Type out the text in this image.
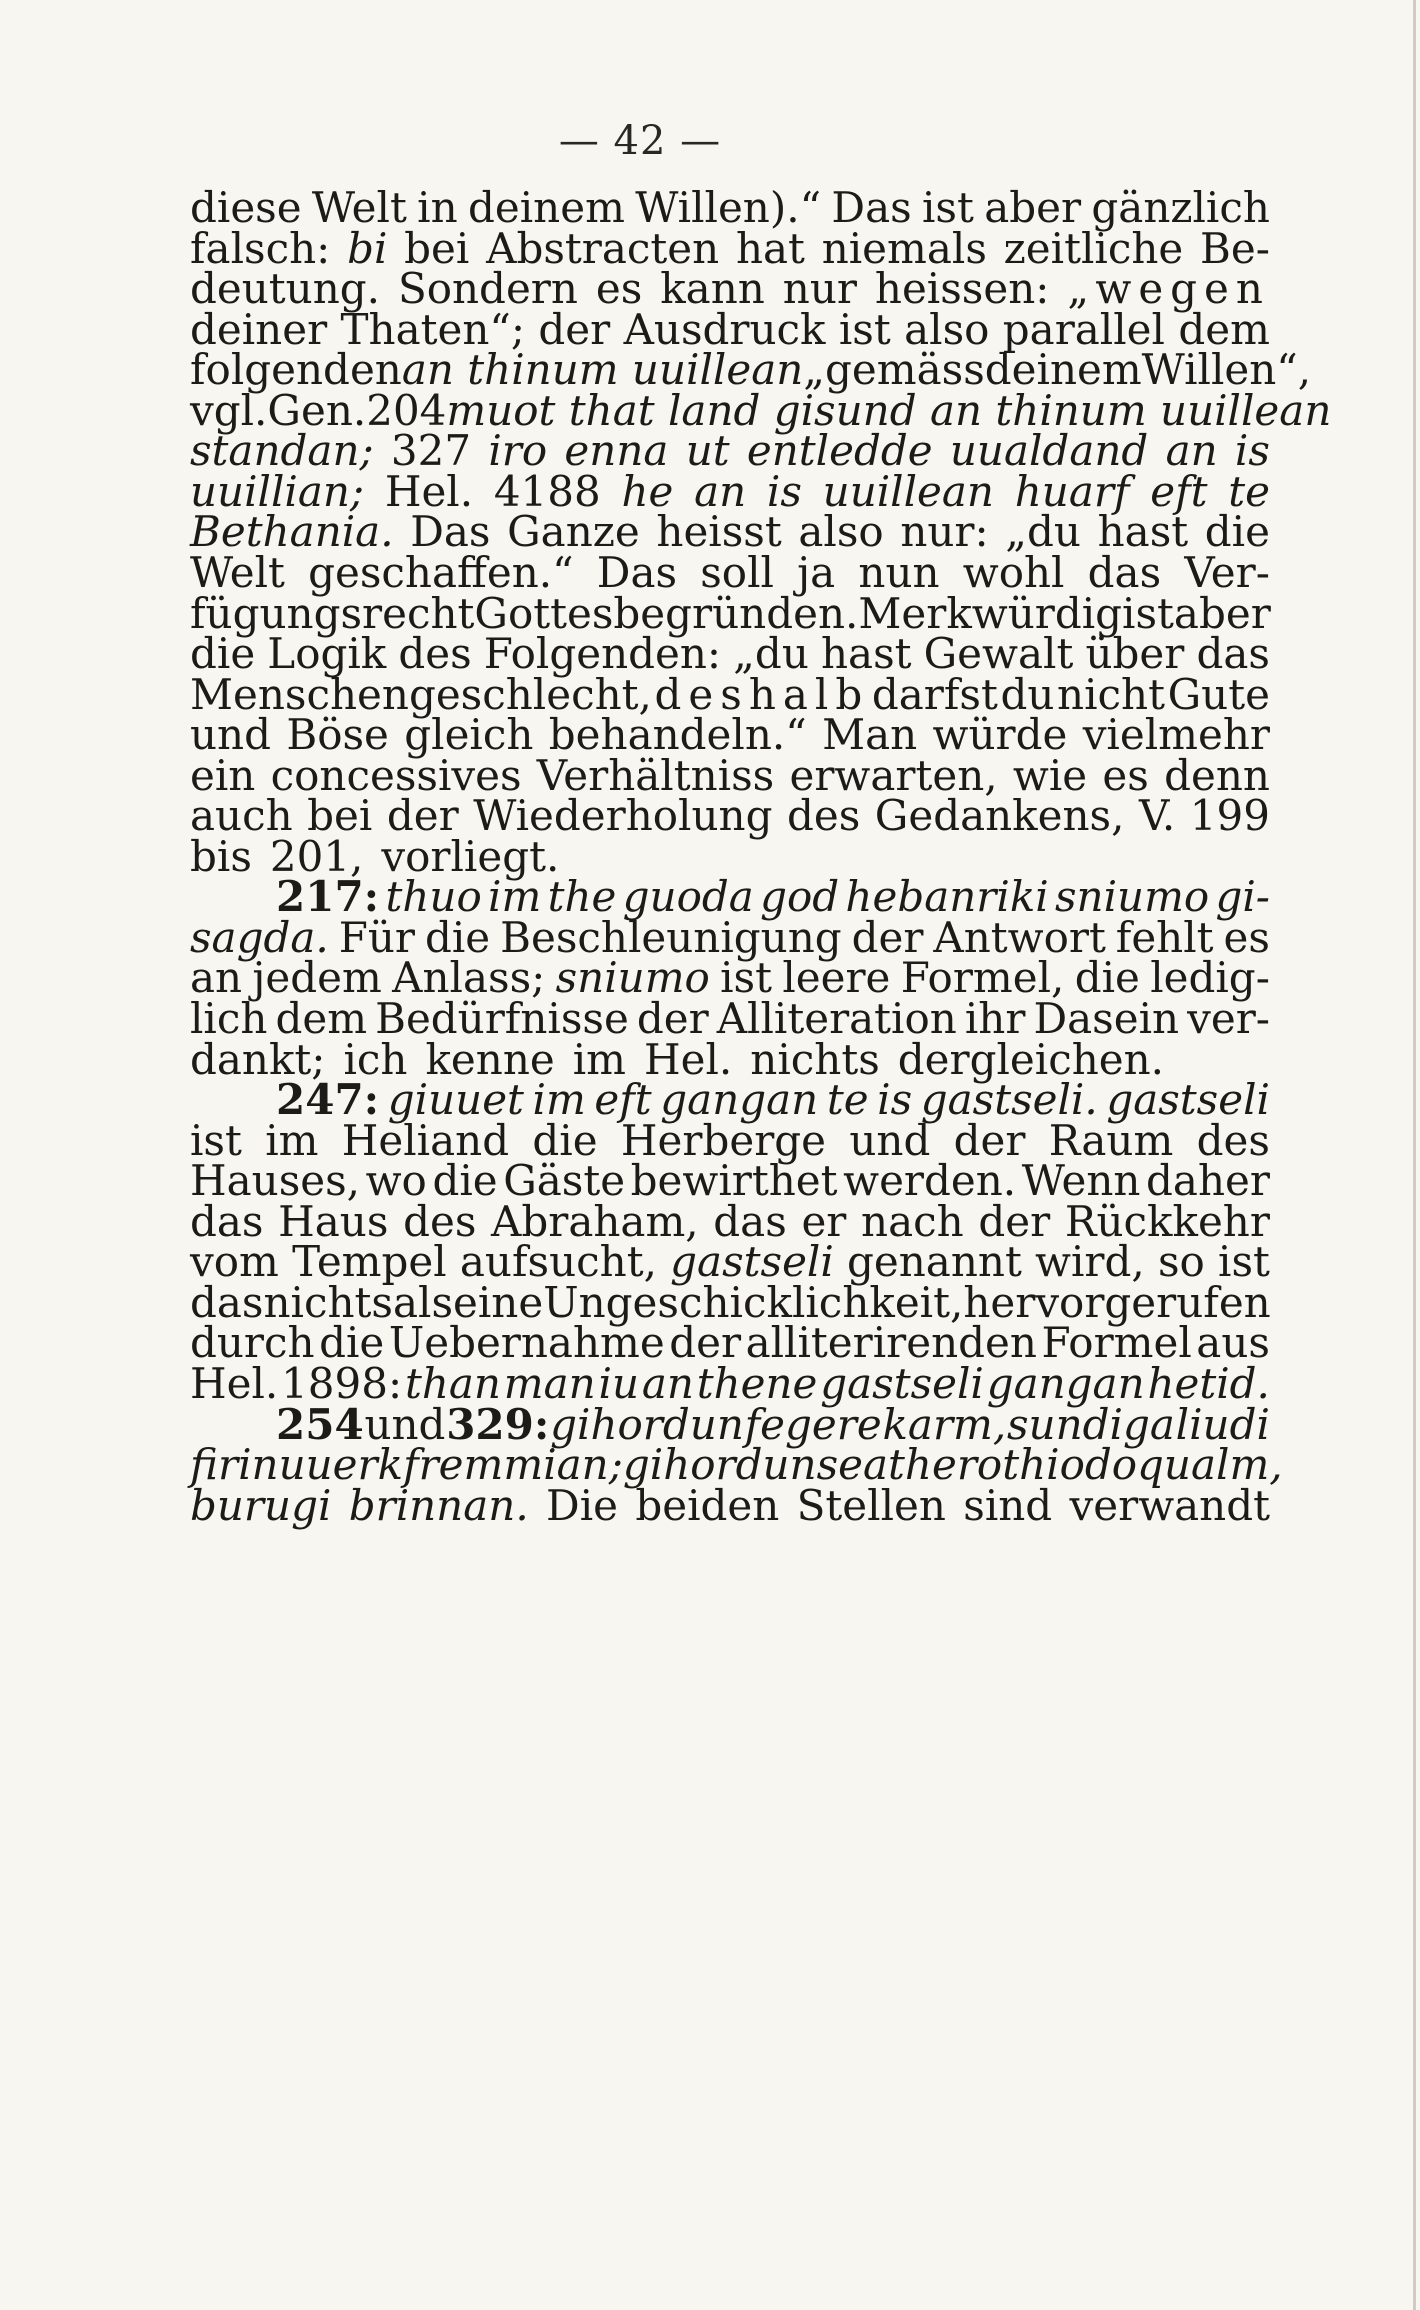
— 42 —
diese Welt in deinem Willen).“ Das ist aber gänzlich
falsch: bi bei Abstracten hat niemals zeitliche Be-
deutung. Sondern es kann nur heissen: „wegen
deiner Thaten“; der Ausdruck ist also parallel dem
folgenden an thinum uuillean „gemäss deinem Willen“,
vgl. Gen. 204 muot that land gisund an thinum uuillean
standan; 327 iro enna ut entledde uualdand an is
uuillian; Hel. 4188 he an is uuillean huarf eft te
Bethania. Das Ganze heisst also nur: „du hast die
Welt geschaffen.“ Das soll ja nun wohl das Ver-
fügungsrecht Gottes begründen. Merkwürdig ist aber
die Logik des Folgenden: „du hast Gewalt über das
Menschengeschlecht, deshalb darfst du nicht Gute
und Böse gleich behandeln.“ Man würde vielmehr
ein concessives Verhältniss erwarten, wie es denn
auch bei der Wiederholung des Gedankens, V. 199
bis 201, vorliegt.
217: thuo im the guoda god hebanriki sniumo gi-
sagda. Für die Beschleunigung der Antwort fehlt es
an jedem Anlass; sniumo ist leere Formel, die ledig-
lich dem Bedürfnisse der Alliteration ihr Dasein ver-
dankt; ich kenne im Hel. nichts dergleichen.
247: giuuet im eft gangan te is gastseli. gastseli
ist im Heliand die Herberge und der Raum des
Hauses, wo die Gäste bewirthet werden. Wenn daher
das Haus des Abraham, das er nach der Rückkehr
vom Tempel aufsucht, gastseli genannt wird, so ist
das nichts als eine Ungeschicklichkeit, hervorgerufen
durch die Uebernahme der alliterirenden Formel aus
Hel. 1898: than man iu an thene gastseli gangan hetid.
254 und 329: gihordun fegere karm, sundiga liudi
firinuuerk fremmian; gihordun sea thero thiodo qualm,
burugi brinnan. Die beiden Stellen sind verwandt
